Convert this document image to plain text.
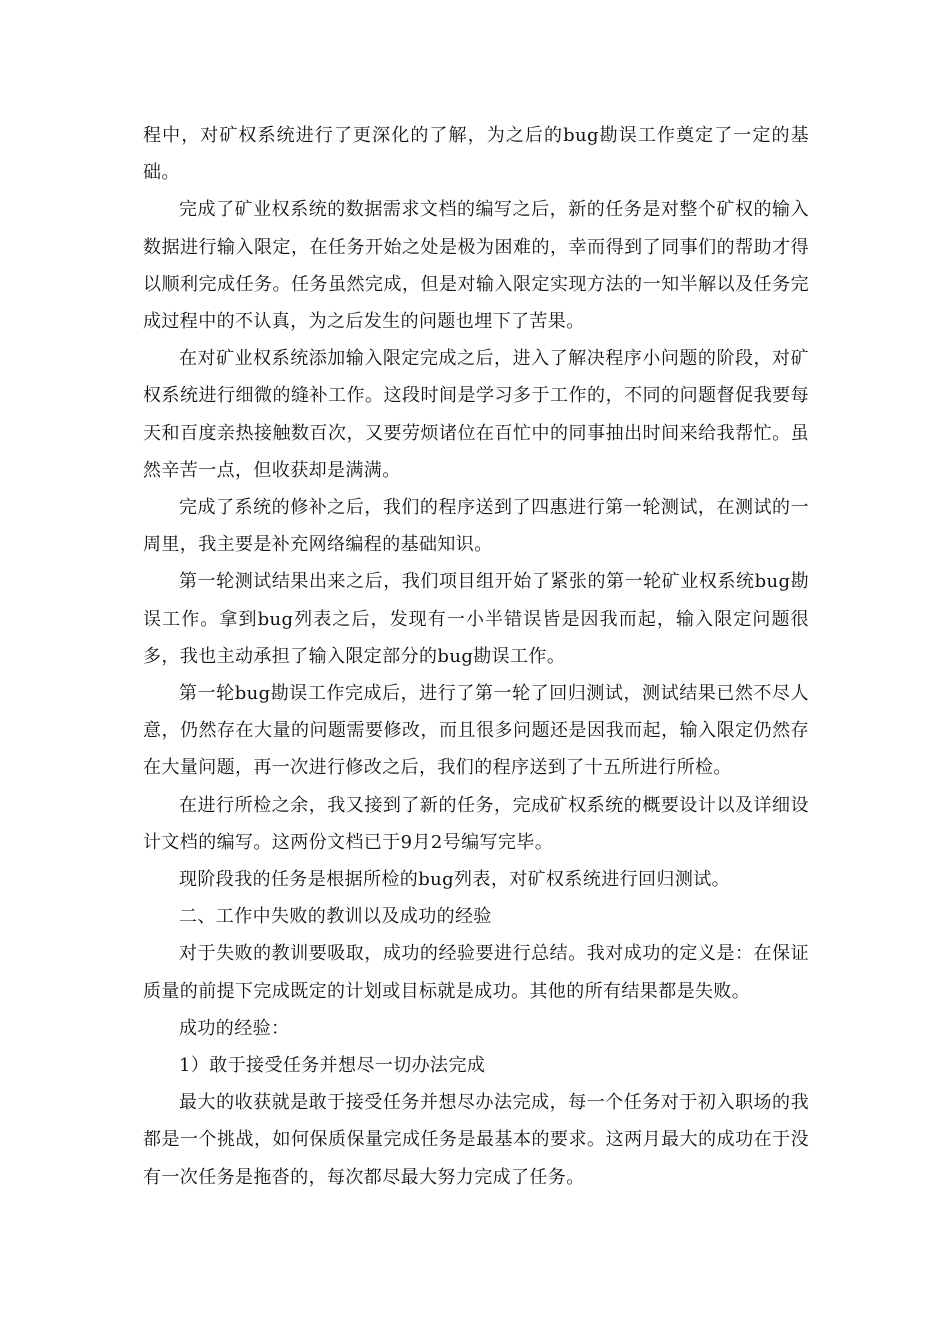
程中，对矿权系统进行了更深化的了解，为之后的bug勘误工作奠定了一定的基础。

完成了矿业权系统的数据需求文档的编写之后，新的任务是对整个矿权的输入数据进行输入限定，在任务开始之处是极为困难的，幸而得到了同事们的帮助才得以顺利完成任务。任务虽然完成，但是对输入限定实现方法的一知半解以及任务完成过程中的不认真，为之后发生的问题也埋下了苦果。

在对矿业权系统添加输入限定完成之后，进入了解决程序小问题的阶段，对矿权系统进行细微的缝补工作。这段时间是学习多于工作的，不同的问题督促我要每天和百度亲热接触数百次，又要劳烦诸位在百忙中的同事抽出时间来给我帮忙。虽然辛苦一点，但收获却是满满。

完成了系统的修补之后，我们的程序送到了四惠进行第一轮测试，在测试的一周里，我主要是补充网络编程的基础知识。

第一轮测试结果出来之后，我们项目组开始了紧张的第一轮矿业权系统bug勘误工作。拿到bug列表之后，发现有一小半错误皆是因我而起，输入限定问题很多，我也主动承担了输入限定部分的bug勘误工作。

第一轮bug勘误工作完成后，进行了第一轮了回归测试，测试结果已然不尽人意，仍然存在大量的问题需要修改，而且很多问题还是因我而起，输入限定仍然存在大量问题，再一次进行修改之后，我们的程序送到了十五所进行所检。

在进行所检之余，我又接到了新的任务，完成矿权系统的概要设计以及详细设计文档的编写。这两份文档已于9月2号编写完毕。

现阶段我的任务是根据所检的bug列表，对矿权系统进行回归测试。

二、工作中失败的教训以及成功的经验

对于失败的教训要吸取，成功的经验要进行总结。我对成功的定义是：在保证质量的前提下完成既定的计划或目标就是成功。其他的所有结果都是失败。

成功的经验：

1）敢于接受任务并想尽一切办法完成

最大的收获就是敢于接受任务并想尽办法完成，每一个任务对于初入职场的我都是一个挑战，如何保质保量完成任务是最基本的要求。这两月最大的成功在于没有一次任务是拖沓的，每次都尽最大努力完成了任务。
